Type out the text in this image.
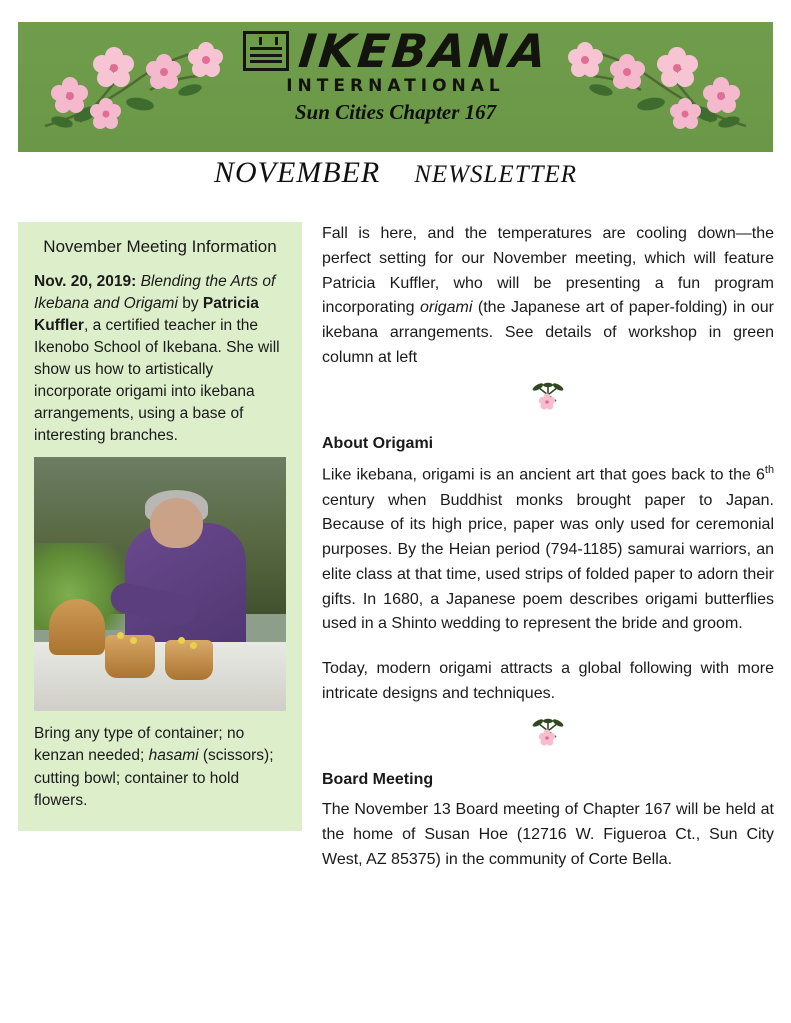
IKEBANA
INTERNATIONAL
Sun Cities Chapter 167
NOVEMBER NEWSLETTER
November Meeting Information

Nov. 20, 2019: Blending the Arts of Ikebana and Origami by Patricia Kuffler, a certified teacher in the Ikenobo School of Ikebana. She will show us how to artistically incorporate origami into ikebana arrangements, using a base of interesting branches.

Bring any type of container; no kenzan needed; hasami (scissors); cutting bowl; container to hold flowers.

Fall is here, and the temperatures are cooling down—the perfect setting for our November meeting, which will feature Patricia Kuffler, who will be presenting a fun program incorporating origami (the Japanese art of paper-folding) in our ikebana arrangements. See details of workshop in green column at left

About Origami

Like ikebana, origami is an ancient art that goes back to the 6th century when Buddhist monks brought paper to Japan. Because of its high price, paper was only used for ceremonial purposes. By the Heian period (794-1185) samurai warriors, an elite class at that time, used strips of folded paper to adorn their gifts. In 1680, a Japanese poem describes origami butterflies used in a Shinto wedding to represent the bride and groom.

Today, modern origami attracts a global following with more intricate designs and techniques.

Board Meeting

The November 13 Board meeting of Chapter 167 will be held at the home of Susan Hoe (12716 W. Figueroa Ct., Sun City West, AZ 85375) in the community of Corte Bella.
